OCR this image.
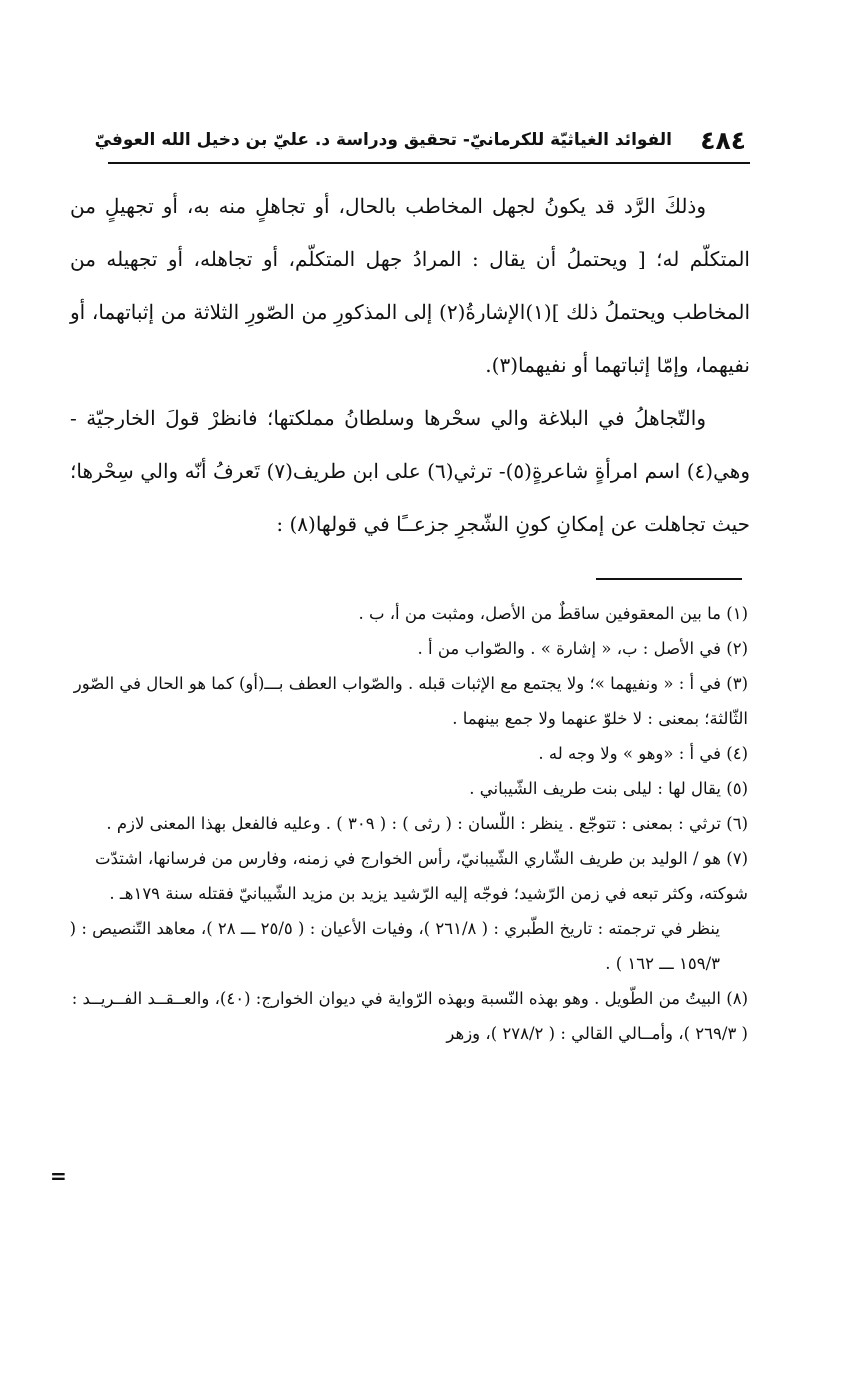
٤٨٤
الفوائد الغياثيّة للكرمانيّ- تحقيق ودراسة د. عليّ بن دخيل الله العوفيّ

وذلكَ الرَّد قد يكونُ لجهل المخاطب بالحال، أو تجاهلٍ منه به، أو تجهيلٍ من المتكلّم له؛ [ ويحتملُ أن يقال : المرادُ جهل المتكلّم، أو تجاهله، أو تجهيله من المخاطب ويحتملُ ذلك ](١)الإشارةُ(٢) إلى المذكورِ من الصّورِ الثلاثة من إثباتهما، أو نفيهما، وإمّا إثباتهما أو نفيهما(٣).

والتّجاهلُ في البلاغة والي سحْرها وسلطانُ مملكتها؛ فانظرْ قولَ الخارجيّة - وهي(٤) اسم امرأةٍ شاعرةٍ(٥)- ترثي(٦) على ابن طريف(٧) تَعرفُ أنّه والي سِحْرها؛ حيث تجاهلت عن إمكانِ كونِ الشّجرِ جزعــًا في قولها(٨) :

(١) ما بين المعقوفين ساقطٌ من الأصل، ومثبت من أ، ب .

(٢) في الأصل : ب، « إشارة » . والصّواب من أ .

(٣) في أ : « ونفيهما »؛ ولا يجتمع مع الإثبات قبله . والصّواب العطف بـــ(أو) كما هو الحال في الصّور الثّالثة؛ بمعنى : لا خلوّ عنهما ولا جمع بينهما .

(٤) في أ : «وهو » ولا وجه له .

(٥) يقال لها : ليلى بنت طريف الشّيباني .

(٦) ترثي : بمعنى : تتوجّع . ينظر : اللّسان : ( رثى ) : ( ٣٠٩ ) . وعليه فالفعل بهذا المعنى لازم .

(٧) هو / الوليد بن طريف الشّاري الشّيبانيّ، رأس الخوارج في زمنه، وفارس من فرسانها، اشتدّت شوكته، وكثر تبعه في زمن الرّشيد؛ فوجّه إليه الرّشيد يزيد بن مزيد الشّيبانيّ فقتله سنة ١٧٩هـ .

ينظر في ترجمته : تاريخ الطّبري : ( ٢٦١/٨ )، وفيات الأعيان : ( ٢٥/٥ ـــ ٢٨ )، معاهد التّنصيص : ( ١٥٩/٣ ـــ ١٦٢ ) .

(٨) البيتُ من الطّويل . وهو بهذه النّسبة وبهذه الرّواية في ديوان الخوارج: (٤٠)، والعــقــد الفــريــد : ( ٢٦٩/٣ )، وأمــالي القالي : ( ٢٧٨/٢ )، وزهر

=
